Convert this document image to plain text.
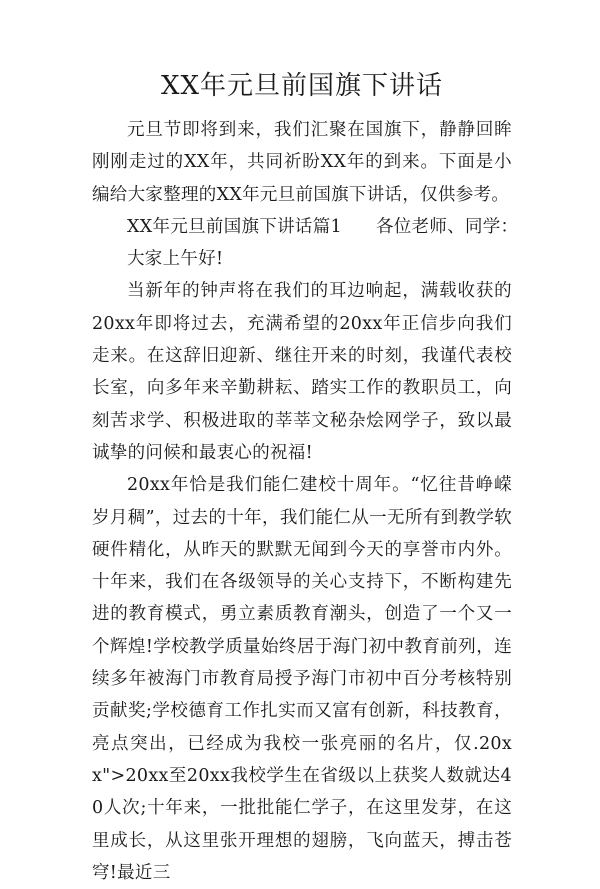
XX年元旦前国旗下讲话

元旦节即将到来，我们汇聚在国旗下，静静回眸刚刚走过的XX年，共同祈盼XX年的到来。下面是小编给大家整理的XX年元旦前国旗下讲话，仅供参考。

XX年元旦前国旗下讲话篇1 各位老师、同学：

大家上午好!

当新年的钟声将在我们的耳边响起，满载收获的20xx年即将过去，充满希望的20xx年正信步向我们走来。在这辞旧迎新、继往开来的时刻，我谨代表校长室，向多年来辛勤耕耘、踏实工作的教职员工，向刻苦求学、积极进取的莘莘文秘杂烩网学子，致以最诚挚的问候和最衷心的祝福!

20xx年恰是我们能仁建校十周年。“忆往昔峥嵘岁月稠”，过去的十年，我们能仁从一无所有到教学软硬件精化，从昨天的默默无闻到今天的享誉市内外。十年来，我们在各级领导的关心支持下，不断构建先进的教育模式，勇立素质教育潮头，创造了一个又一个辉煌!学校教学质量始终居于海门初中教育前列，连续多年被海门市教育局授予海门市初中百分考核特别贡献奖;学校德育工作扎实而又富有创新，科技教育，亮点突出，已经成为我校一张亮丽的名片，仅.20xx">20xx至20xx我校学生在省级以上获奖人数就达40人次;十年来，一批批能仁学子，在这里发芽，在这里成长，从这里张开理想的翅膀，飞向蓝天，搏击苍穹!最近三
